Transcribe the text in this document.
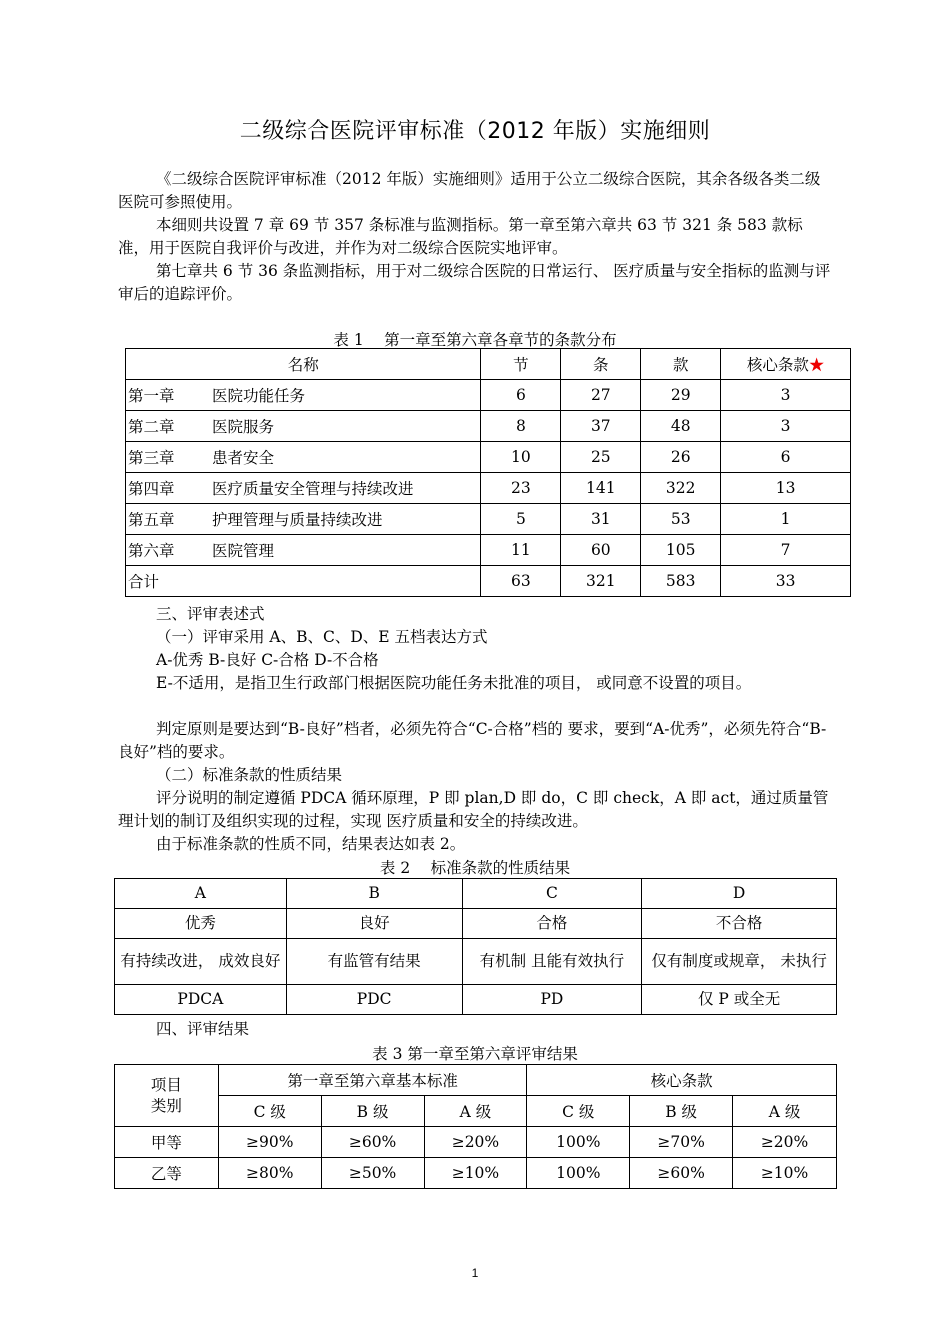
二级综合医院评审标准（2012 年版）实施细则

《二级综合医院评审标准（2012 年版）实施细则》适用于公立二级综合医院，其余各级各类二级医院可参照使用。

本细则共设置 7 章 69 节 357 条标准与监测指标。第一章至第六章共 63 节 321 条 583 款标准，用于医院自我评价与改进，并作为对二级综合医院实地评审。

第七章共 6 节 36 条监测指标，用于对二级综合医院的日常运行、 医疗质量与安全指标的监测与评审后的追踪评价。

表 1　 第一章至第六章各章节的条款分布
名称	节	条	款	核心条款★
第一章 医院功能任务	6	27	29	3
第二章 医院服务	8	37	48	3
第三章 患者安全	10	25	26	6
第四章 医疗质量安全管理与持续改进	23	141	322	13
第五章 护理管理与质量持续改进	5	31	53	1
第六章 医院管理	11	60	105	7
合计	63	321	583	33

三、评审表述式

（一）评审采用 A、B、C、D、E 五档表达方式

A-优秀 B-良好 C-合格 D-不合格

E-不适用，是指卫生行政部门根据医院功能任务未批准的项目， 或同意不设置的项目。

判定原则是要达到“B-良好”档者，必须先符合“C-合格”档的 要求，要到“A-优秀”，必须先符合“B-良好”档的要求。

（二）标准条款的性质结果

评分说明的制定遵循 PDCA 循环原理，P 即 plan,D 即 do，C 即 check，A 即 act，通过质量管理计划的制订及组织实现的过程，实现 医疗质量和安全的持续改进。

由于标准条款的性质不同，结果表达如表 2。

表 2　 标准条款的性质结果
A	B	C	D
优秀	良好	合格	不合格
有持续改进， 成效良好	有监管有结果	有机制 且能有效执行	仅有制度或规章， 未执行
PDCA	PDC	PD	仅 P 或全无

四、评审结果

表 3 第一章至第六章评审结果
项目
类别	第一章至第六章基本标准			核心条款		
	C 级	B 级	A 级	C 级	B 级	A 级
甲等	≥90%	≥60%	≥20%	100%	≥70%	≥20%
乙等	≥80%	≥50%	≥10%	100%	≥60%	≥10%
1
